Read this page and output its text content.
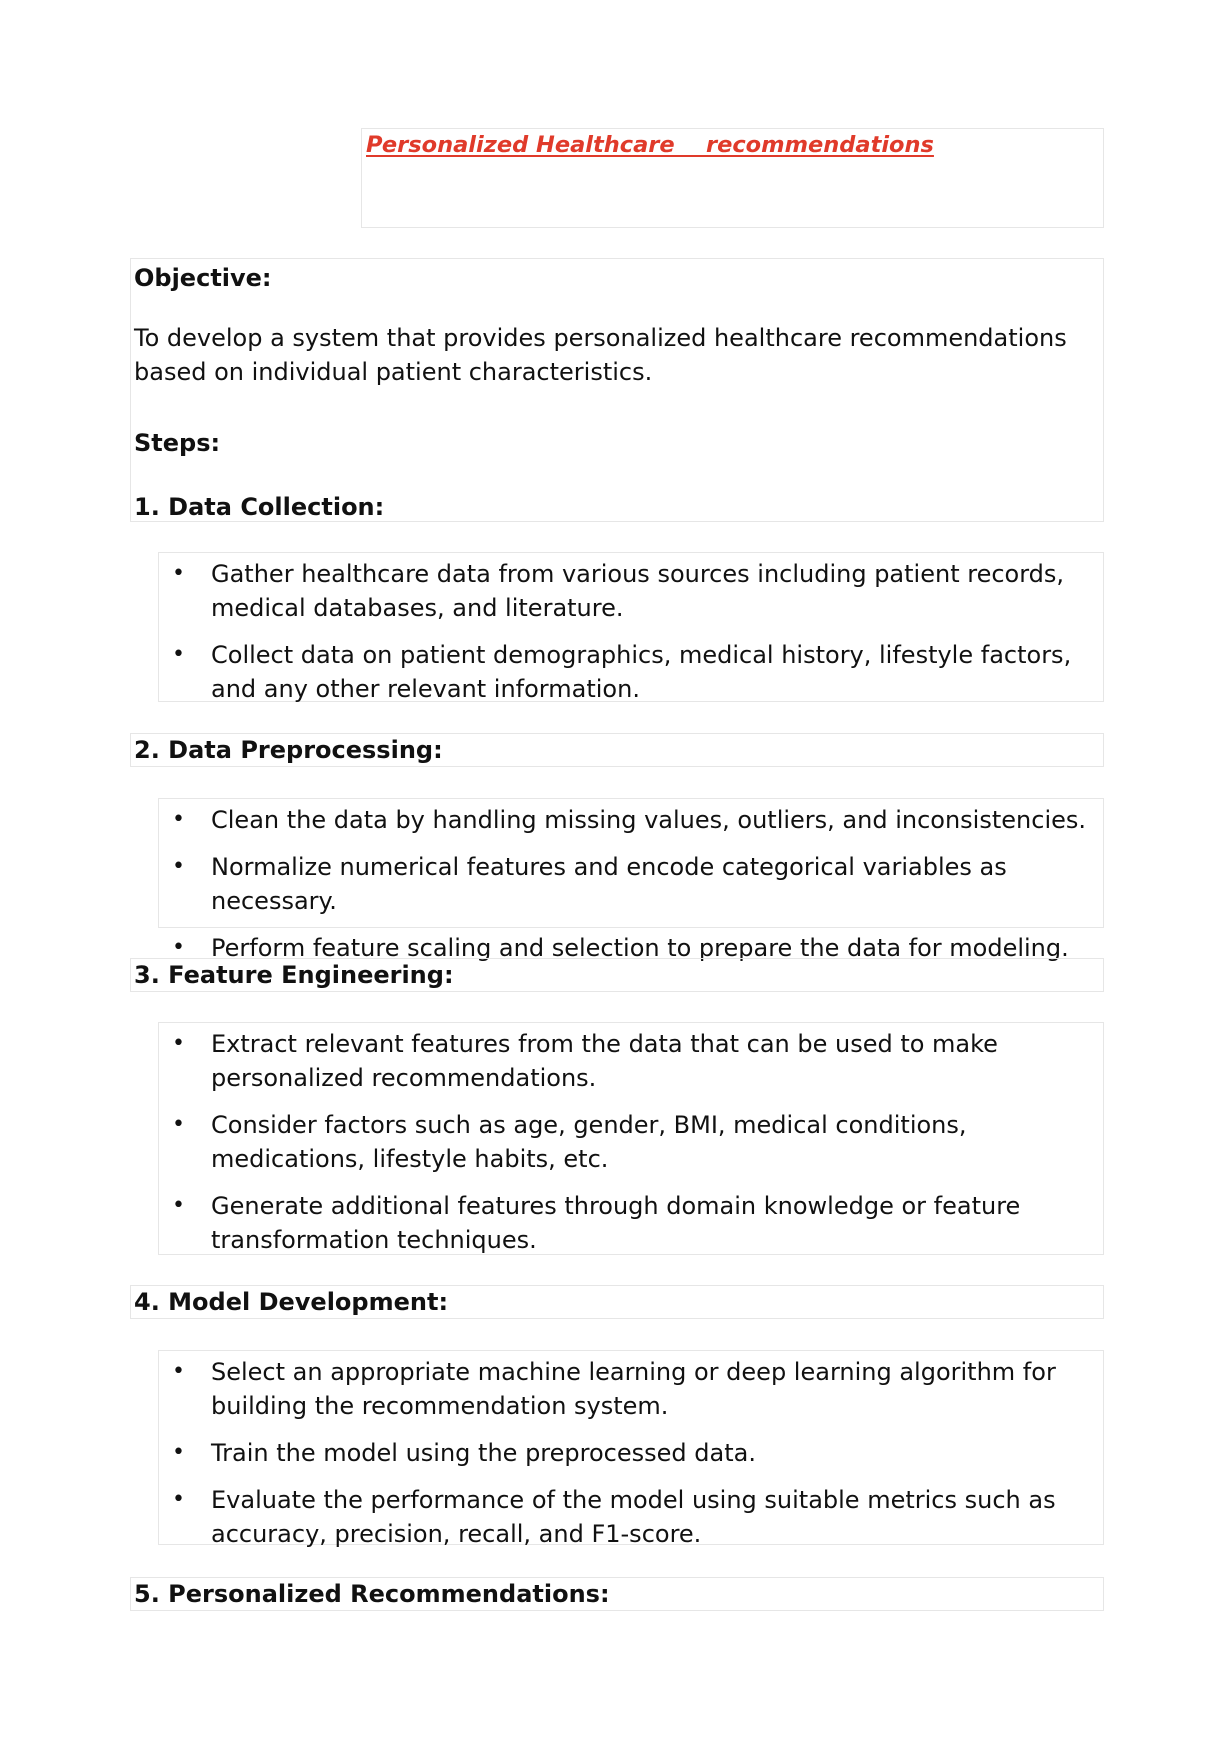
Personalized Healthcare    recommendations
Objective:

To develop a system that provides personalized healthcare recommendations based on individual patient characteristics.

Steps:
1. Data Collection:
• Gather healthcare data from various sources including patient records, medical databases, and literature.
• Collect data on patient demographics, medical history, lifestyle factors, and any other relevant information.
2. Data Preprocessing:
• Clean the data by handling missing values, outliers, and inconsistencies.
• Normalize numerical features and encode categorical variables as necessary.
• Perform feature scaling and selection to prepare the data for modeling.
3. Feature Engineering:
• Extract relevant features from the data that can be used to make personalized recommendations.
• Consider factors such as age, gender, BMI, medical conditions, medications, lifestyle habits, etc.
• Generate additional features through domain knowledge or feature transformation techniques.
4. Model Development:
• Select an appropriate machine learning or deep learning algorithm for building the recommendation system.
• Train the model using the preprocessed data.
• Evaluate the performance of the model using suitable metrics such as accuracy, precision, recall, and F1-score.
5. Personalized Recommendations:
